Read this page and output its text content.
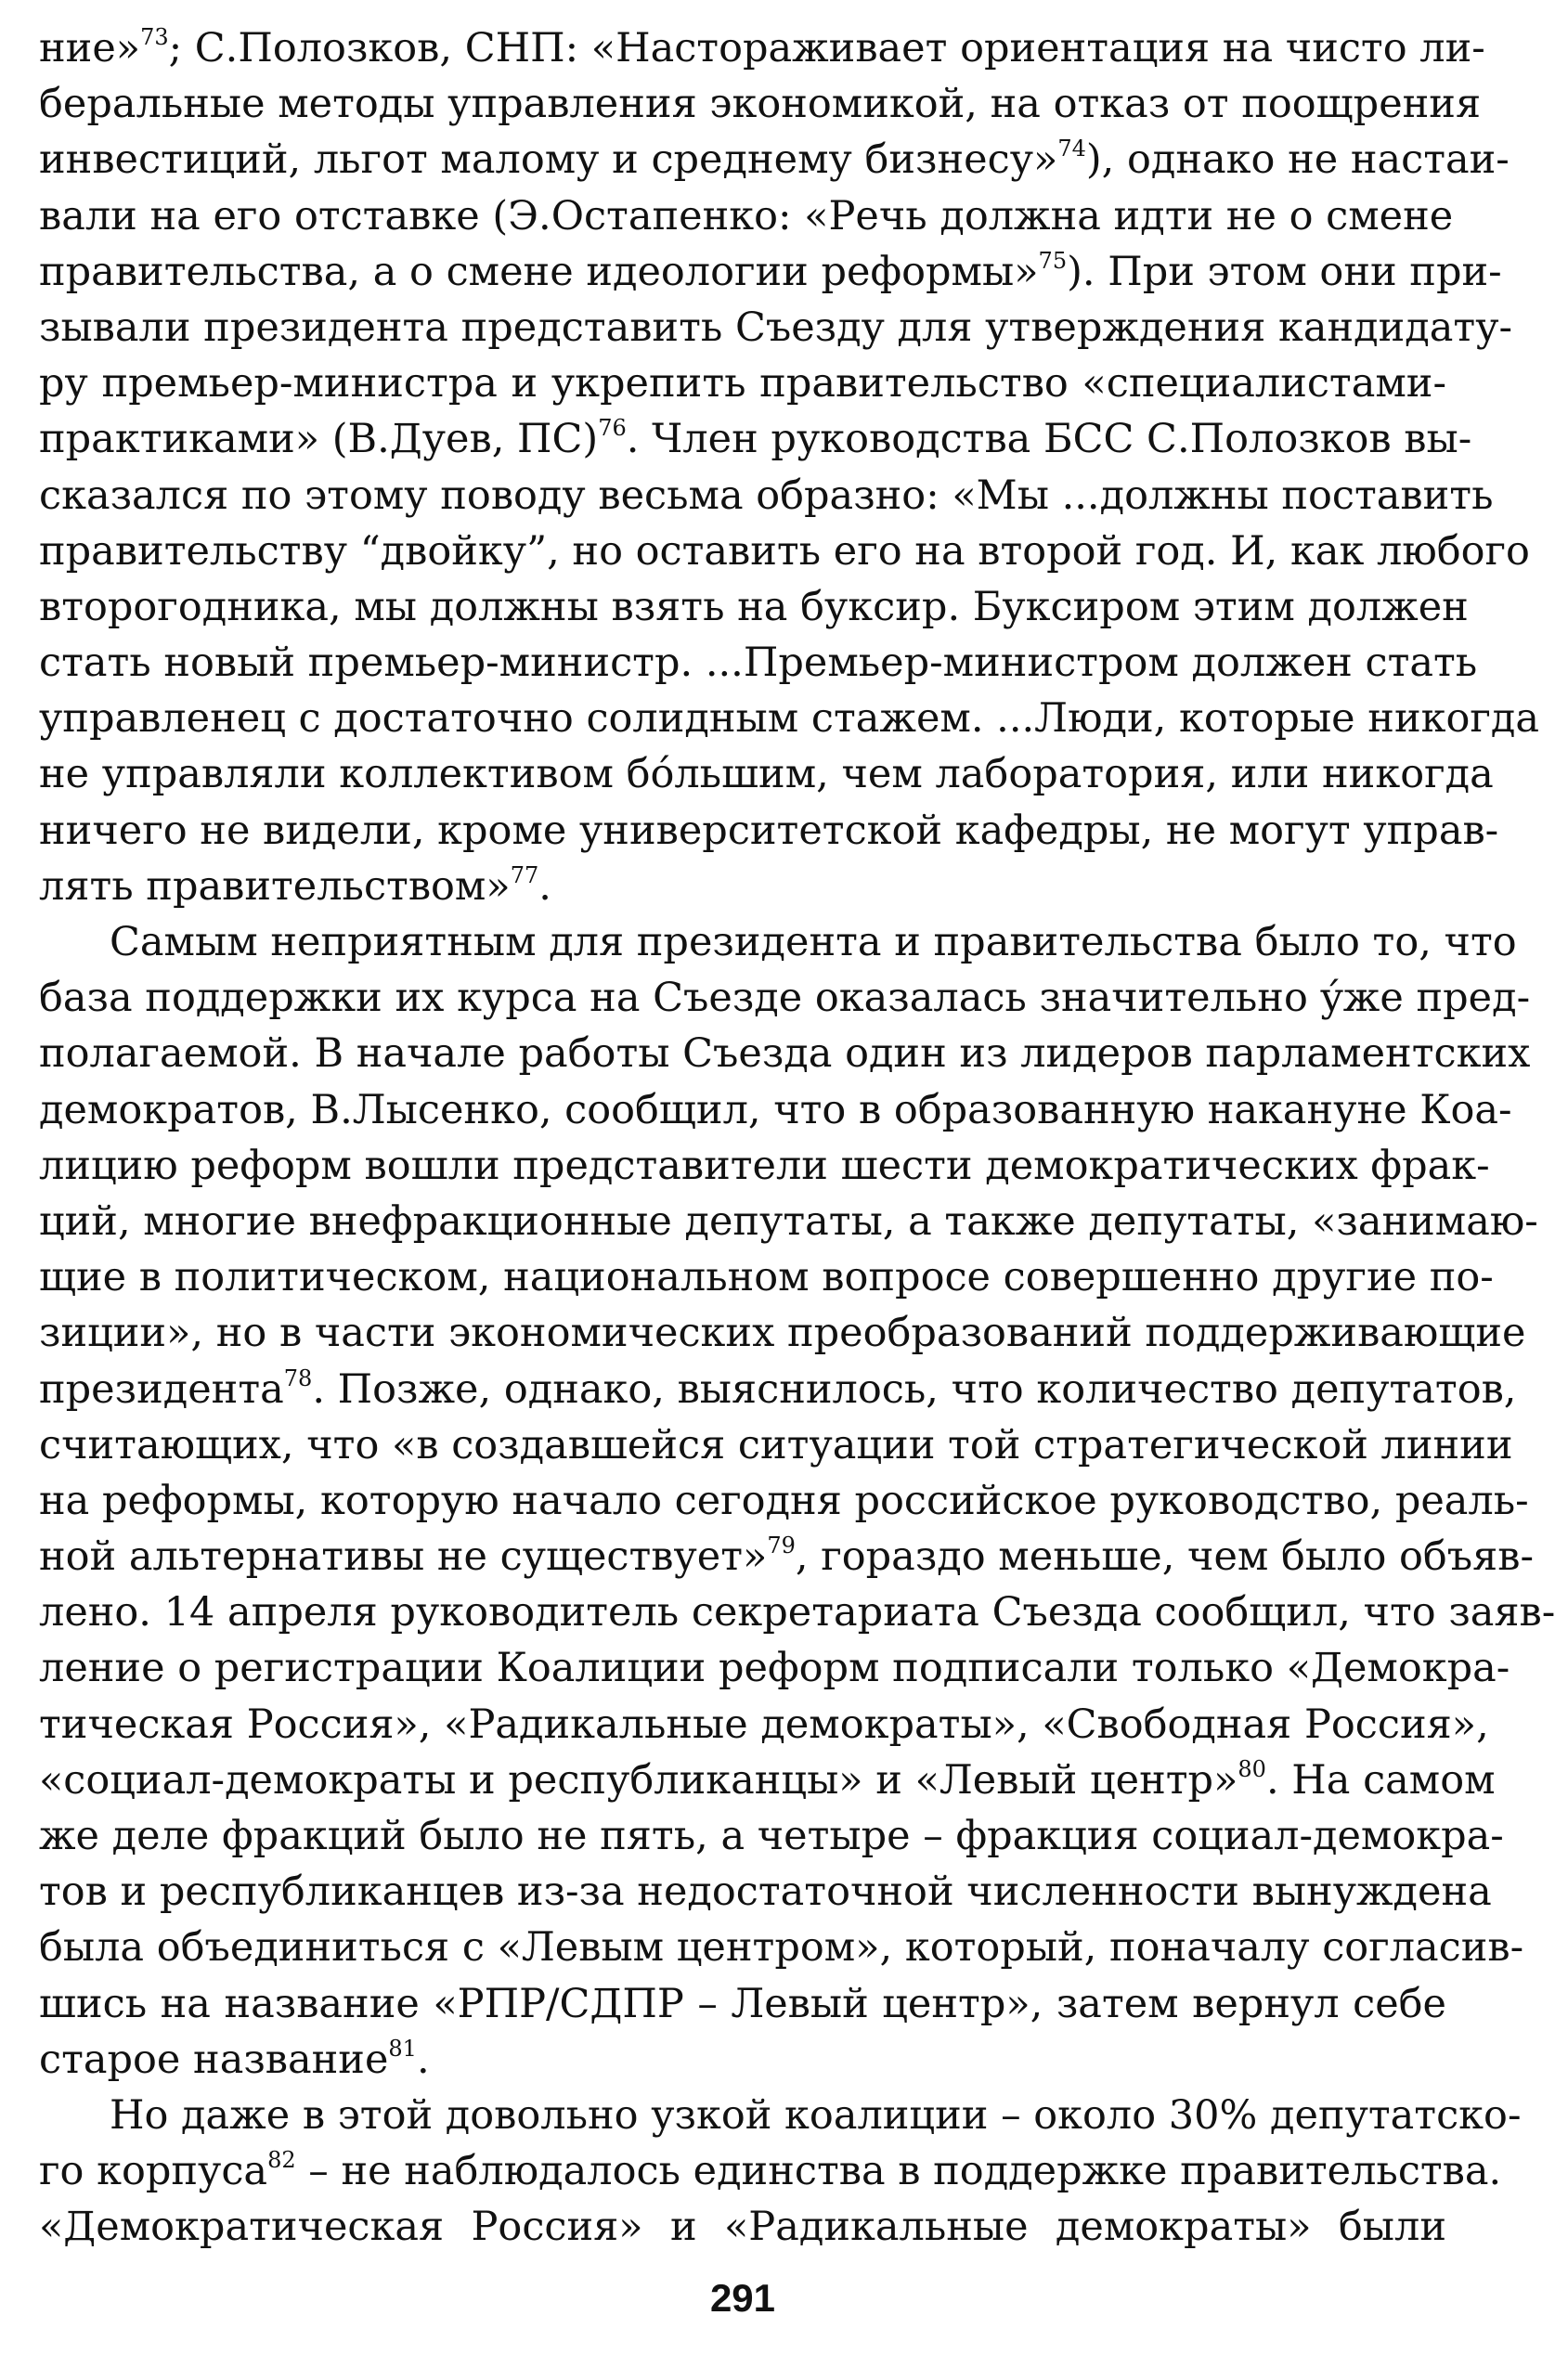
ние»$^{73}$; С.Полозков, СНП: «Настораживает ориентация на чисто ли-
беральные методы управления экономикой, на отказ от поощрения
инвестиций, льгот малому и среднему бизнесу»$^{74}$), однако не настаи-
вали на его отставке (Э.Остапенко: «Речь должна идти не о смене
правительства, а о смене идеологии реформы»$^{75}$). При этом они при-
зывали президента представить Съезду для утверждения кандидату-
ру премьер-министра и укрепить правительство «специалистами-
практиками» (В.Дуев, ПС)$^{76}$. Член руководства БСС С.Полозков вы-
сказался по этому поводу весьма образно: «Мы ...должны поставить
правительству “двойку”, но оставить его на второй год. И, как любого
второгодника, мы должны взять на буксир. Буксиром этим должен
стать новый премьер-министр. ...Премьер-министром должен стать
управленец с достаточно солидным стажем. ...Люди, которые никогда
не управляли коллективом бóльшим, чем лаборатория, или никогда
ничего не видели, кроме университетской кафедры, не могут управ-
лять правительством»$^{77}$.
Самым неприятным для президента и правительства было то, что
база поддержки их курса на Съезде оказалась значительно ýже пред-
полагаемой. В начале работы Съезда один из лидеров парламентских
демократов, В.Лысенко, сообщил, что в образованную накануне Коа-
лицию реформ вошли представители шести демократических фрак-
ций, многие внефракционные депутаты, а также депутаты, «занимаю-
щие в политическом, национальном вопросе совершенно другие по-
зиции», но в части экономических преобразований поддерживающие
президента$^{78}$. Позже, однако, выяснилось, что количество депутатов,
считающих, что «в создавшейся ситуации той стратегической линии
на реформы, которую начало сегодня российское руководство, реаль-
ной альтернативы не существует»$^{79}$, гораздо меньше, чем было объяв-
лено. 14 апреля руководитель секретариата Съезда сообщил, что заяв-
ление о регистрации Коалиции реформ подписали только «Демокра-
тическая Россия», «Радикальные демократы», «Свободная Россия»,
«социал-демократы и республиканцы» и «Левый центр»$^{80}$. На самом
же деле фракций было не пять, а четыре – фракция социал-демокра-
тов и республиканцев из-за недостаточной численности вынуждена
была объединиться с «Левым центром», который, поначалу согласив-
шись на название «РПР/СДПР – Левый центр», затем вернул себе
старое название$^{81}$.
Но даже в этой довольно узкой коалиции – около 30% депутатско-
го корпуса$^{82}$ – не наблюдалось единства в поддержке правительства.
«Демократическая Россия» и «Радикальные демократы» были
291
